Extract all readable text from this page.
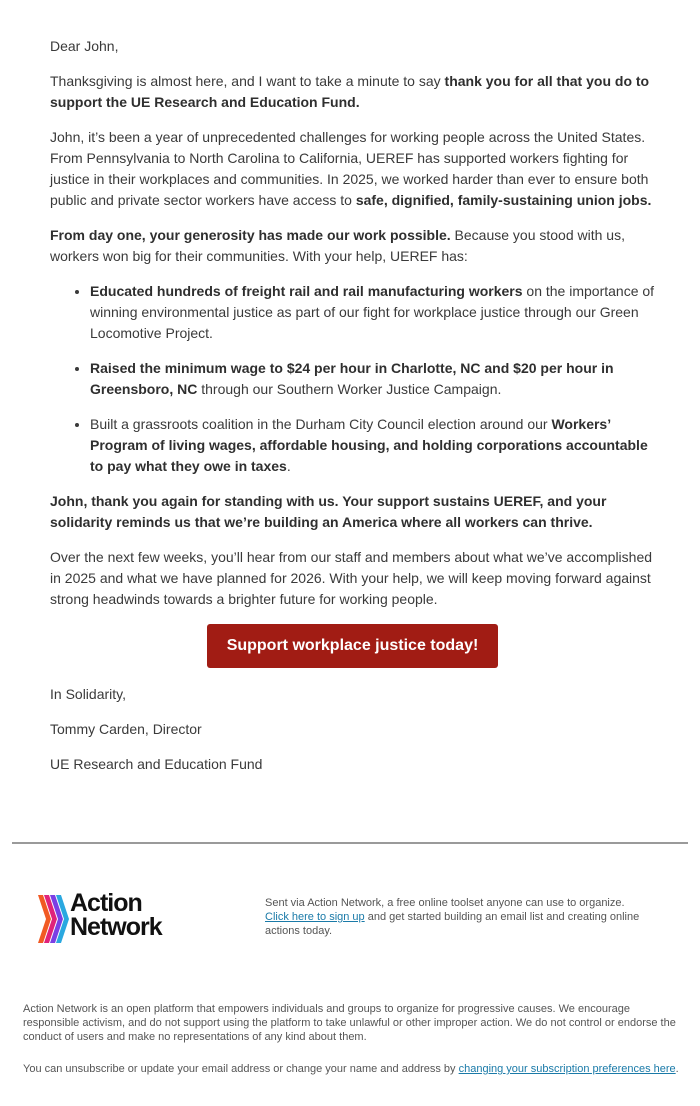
Dear John,

Thanksgiving is almost here, and I want to take a minute to say thank you for all that you do to support the UE Research and Education Fund.

John, it’s been a year of unprecedented challenges for working people across the United States. From Pennsylvania to North Carolina to California, UEREF has supported workers fighting for justice in their workplaces and communities. In 2025, we worked harder than ever to ensure both public and private sector workers have access to safe, dignified, family-sustaining union jobs.

From day one, your generosity has made our work possible. Because you stood with us, workers won big for their communities. With your help, UEREF has:

• Educated hundreds of freight rail and rail manufacturing workers on the importance of winning environmental justice as part of our fight for workplace justice through our Green Locomotive Project.
• Raised the minimum wage to $24 per hour in Charlotte, NC and $20 per hour in Greensboro, NC through our Southern Worker Justice Campaign.
• Built a grassroots coalition in the Durham City Council election around our Workers’ Program of living wages, affordable housing, and holding corporations accountable to pay what they owe in taxes.

John, thank you again for standing with us. Your support sustains UEREF, and your solidarity reminds us that we’re building an America where all workers can thrive.

Over the next few weeks, you’ll hear from our staff and members about what we’ve accomplished in 2025 and what we have planned for 2026. With your help, we will keep moving forward against strong headwinds towards a brighter future for working people.

Support workplace justice today!

In Solidarity,

Tommy Carden, Director

UE Research and Education Fund

Action
Network
Sent via Action Network, a free online toolset anyone can use to organize.
Click here to sign up and get started building an email list and creating online actions today.

Action Network is an open platform that empowers individuals and groups to organize for progressive causes. We encourage responsible activism, and do not support using the platform to take unlawful or other improper action. We do not control or endorse the conduct of users and make no representations of any kind about them.

You can unsubscribe or update your email address or change your name and address by changing your subscription preferences here.
